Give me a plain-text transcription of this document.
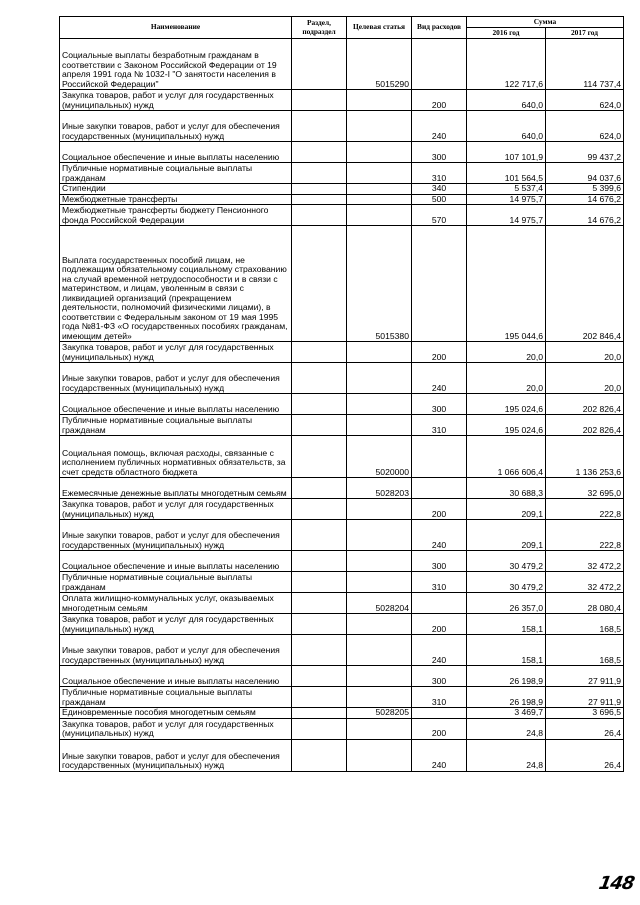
Наименование	Раздел, подраздел	Целевая статья	Вид расходов	Сумма	
				2016 год	2017 год
Социальные выплаты безработным гражданам в соответствии с Законом Российской Федерации от 19 апреля 1991 года № 1032-I "О занятости населения в Российской Федерации"		5015290		122 717,6	114 737,4
Закупка товаров, работ и услуг для государственных (муниципальных) нужд			200	640,0	624,0
Иные закупки товаров, работ и услуг для обеспечения государственных (муниципальных) нужд			240	640,0	624,0
Социальное обеспечение и иные выплаты населению			300	107 101,9	99 437,2
Публичные нормативные социальные выплаты гражданам			310	101 564,5	94 037,6
Стипендии			340	5 537,4	5 399,6
Межбюджетные трансферты			500	14 975,7	14 676,2
Межбюджетные трансферты бюджету Пенсионного фонда Российской Федерации			570	14 975,7	14 676,2
Выплата государственных пособий лицам, не подлежащим обязательному социальному страхованию на случай временной нетрудоспособности и в связи с материнством, и лицам, уволенным в связи с ликвидацией организаций (прекращением деятельности, полномочий физическими лицами), в соответствии с Федеральным законом от 19 мая 1995 года №81-ФЗ «О государственных пособиях гражданам, имеющим детей»		5015380		195 044,6	202 846,4
Закупка товаров, работ и услуг для государственных (муниципальных) нужд			200	20,0	20,0
Иные закупки товаров, работ и услуг для обеспечения государственных (муниципальных) нужд			240	20,0	20,0
Социальное обеспечение и иные выплаты населению			300	195 024,6	202 826,4
Публичные нормативные социальные выплаты гражданам			310	195 024,6	202 826,4
Социальная помощь, включая расходы, связанные с исполнением публичных нормативных обязательств, за счет средств областного бюджета		5020000		1 066 606,4	1 136 253,6
Ежемесячные денежные выплаты многодетным семьям		5028203		30 688,3	32 695,0
Закупка товаров, работ и услуг для государственных (муниципальных) нужд			200	209,1	222,8
Иные закупки товаров, работ и услуг для обеспечения государственных (муниципальных) нужд			240	209,1	222,8
Социальное обеспечение и иные выплаты населению			300	30 479,2	32 472,2
Публичные нормативные социальные выплаты гражданам			310	30 479,2	32 472,2
Оплата жилищно-коммунальных услуг, оказываемых многодетным семьям		5028204		26 357,0	28 080,4
Закупка товаров, работ и услуг для государственных (муниципальных) нужд			200	158,1	168,5
Иные закупки товаров, работ и услуг для обеспечения государственных (муниципальных) нужд			240	158,1	168,5
Социальное обеспечение и иные выплаты населению			300	26 198,9	27 911,9
Публичные нормативные социальные выплаты гражданам			310	26 198,9	27 911,9
Единовременные пособия многодетным семьям		5028205		3 469,7	3 696,5
Закупка товаров, работ и услуг для государственных (муниципальных) нужд			200	24,8	26,4
Иные закупки товаров, работ и услуг для обеспечения государственных (муниципальных) нужд			240	24,8	26,4
148
